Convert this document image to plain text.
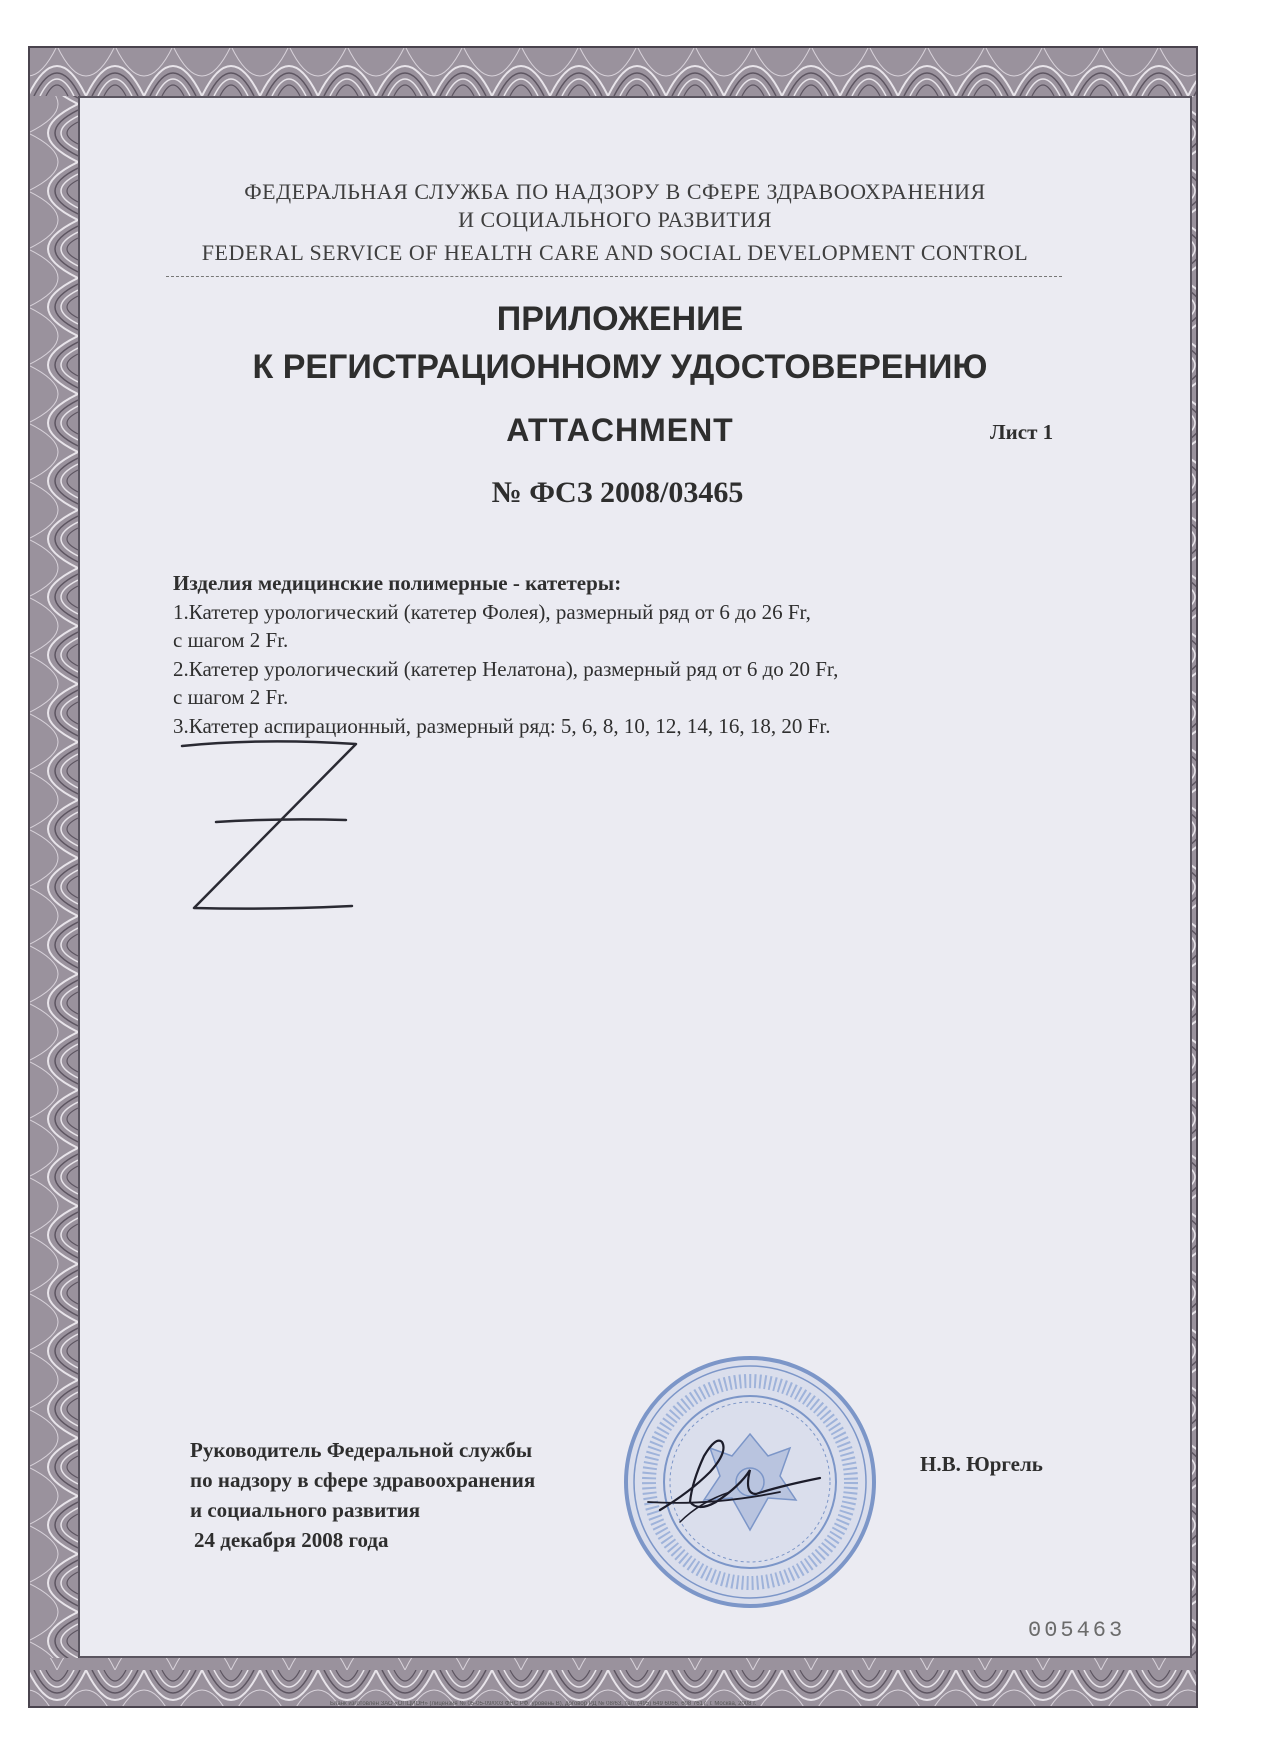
ФЕДЕРАЛЬНАЯ СЛУЖБА ПО НАДЗОРУ В СФЕРЕ ЗДРАВООХРАНЕНИЯ
И СОЦИАЛЬНОГО РАЗВИТИЯ
FEDERAL SERVICE OF HEALTH CARE AND SOCIAL DEVELOPMENT CONTROL
ПРИЛОЖЕНИЕ
К РЕГИСТРАЦИОННОМУ УДОСТОВЕРЕНИЮ
ATTACHMENT	Лист 1
№ ФСЗ 2008/03465
Изделия медицинские полимерные - катетеры:
1.Катетер урологический (катетер Фолея), размерный ряд от 6 до 26 Fr,
с шагом 2 Fr.
2.Катетер урологический (катетер Нелатона), размерный ряд от 6 до 20 Fr,
с шагом 2 Fr.
3.Катетер аспирационный, размерный ряд: 5, 6, 8, 10, 12, 14, 16, 18, 20 Fr.
Руководитель Федеральной службы
по надзору в сфере здравоохранения
и социального развития
24 декабря 2008 года
Н.В. Юргель
005463
Бланк изготовлен ЗАО «ОПЦИОН» (лицензия № 05-05-09/003 ФНС РФ, уровень В), договор РД № 08/63, тел. (495) 649 6066, 608 7617, г. Москва, 2008 г.
